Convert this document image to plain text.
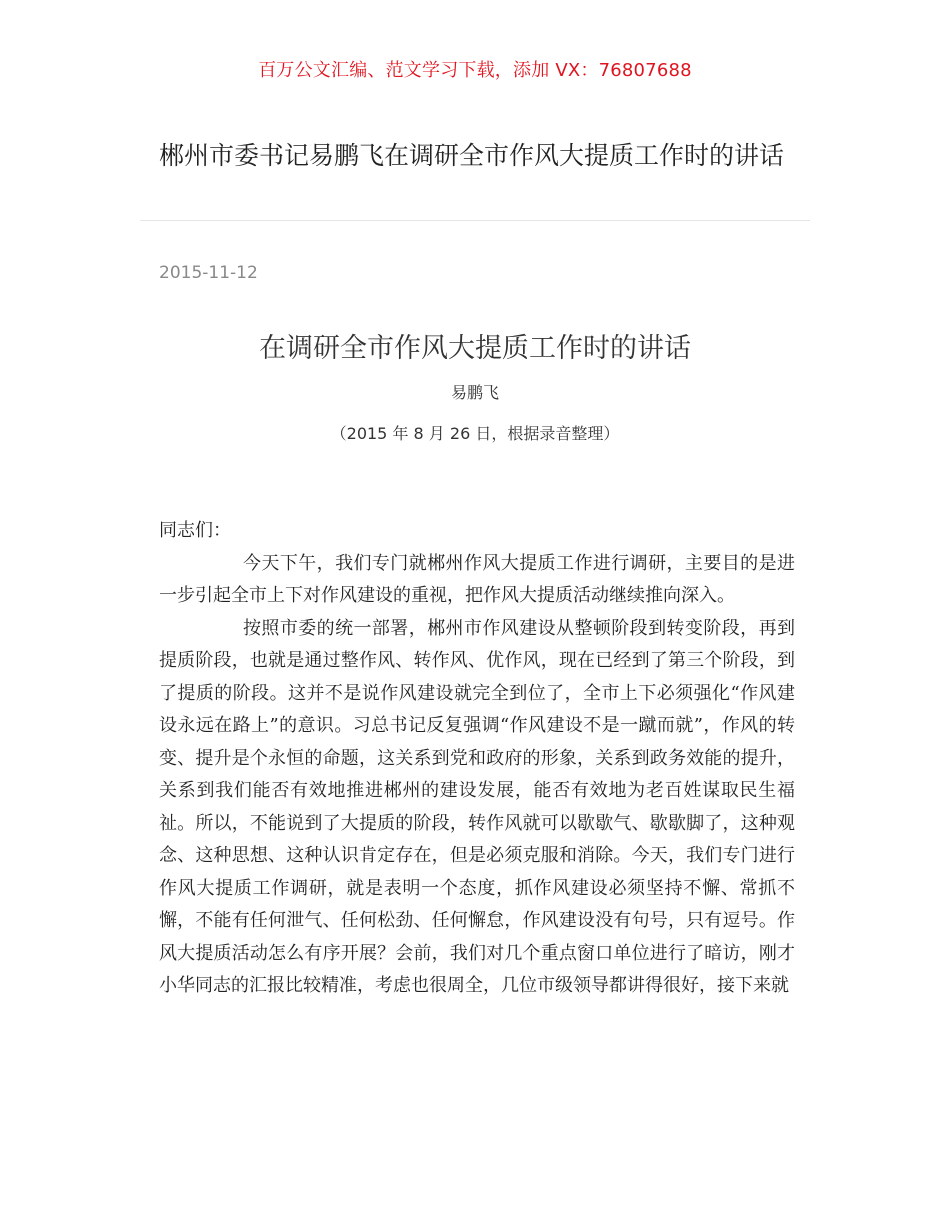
百万公文汇编、范文学习下载，添加 VX：76807688
郴州市委书记易鹏飞在调研全市作风大提质工作时的讲话
2015-11-12
在调研全市作风大提质工作时的讲话
易鹏飞
（2015 年 8 月 26 日，根据录音整理）

同志们：

今天下午，我们专门就郴州作风大提质工作进行调研，主要目的是进一步引起全市上下对作风建设的重视，把作风大提质活动继续推向深入。

按照市委的统一部署，郴州市作风建设从整顿阶段到转变阶段，再到提质阶段，也就是通过整作风、转作风、优作风，现在已经到了第三个阶段，到了提质的阶段。这并不是说作风建设就完全到位了，全市上下必须强化“作风建设永远在路上”的意识。习总书记反复强调“作风建设不是一蹴而就”，作风的转变、提升是个永恒的命题，这关系到党和政府的形象，关系到政务效能的提升，关系到我们能否有效地推进郴州的建设发展，能否有效地为老百姓谋取民生福祉。所以，不能说到了大提质的阶段，转作风就可以歇歇气、歇歇脚了，这种观念、这种思想、这种认识肯定存在，但是必须克服和消除。今天，我们专门进行作风大提质工作调研，就是表明一个态度，抓作风建设必须坚持不懈、常抓不懈，不能有任何泄气、任何松劲、任何懈怠，作风建设没有句号，只有逗号。作风大提质活动怎么有序开展？会前，我们对几个重点窗口单位进行了暗访，刚才小华同志的汇报比较精准，考虑也很周全，几位市级领导都讲得很好，接下来就
